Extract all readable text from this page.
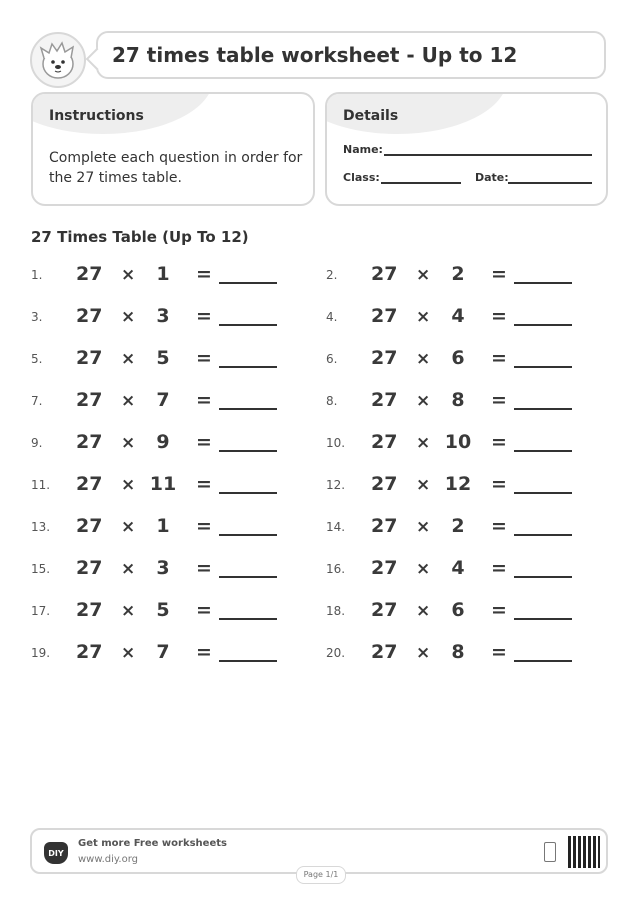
27 times table worksheet - Up to 12
Instructions
Complete each question in order for the 27 times table.
Details
Name:
Class:	Date:
27 Times Table (Up To 12)
1. 27 ×	1	=	2. 27 ×	2	=
3. 27 ×	3	=	4. 27 ×	4	=
5. 27 ×	5	=	6. 27 ×	6	=
7. 27 ×	7	=	8. 27 ×	8	=
9. 27 ×	9	=	10. 27 × 10	=
11. 27 × 11	=	12. 27 × 12	=
13. 27 ×	1	=	14. 27 ×	2	=
15. 27 ×	3	=	16. 27 ×	4	=
17. 27 ×	5	=	18. 27 ×	6	=
19. 27 ×	7	=	20. 27 ×	8	=
DIY
Get more Free worksheets
www.diy.org
Page 1/1
